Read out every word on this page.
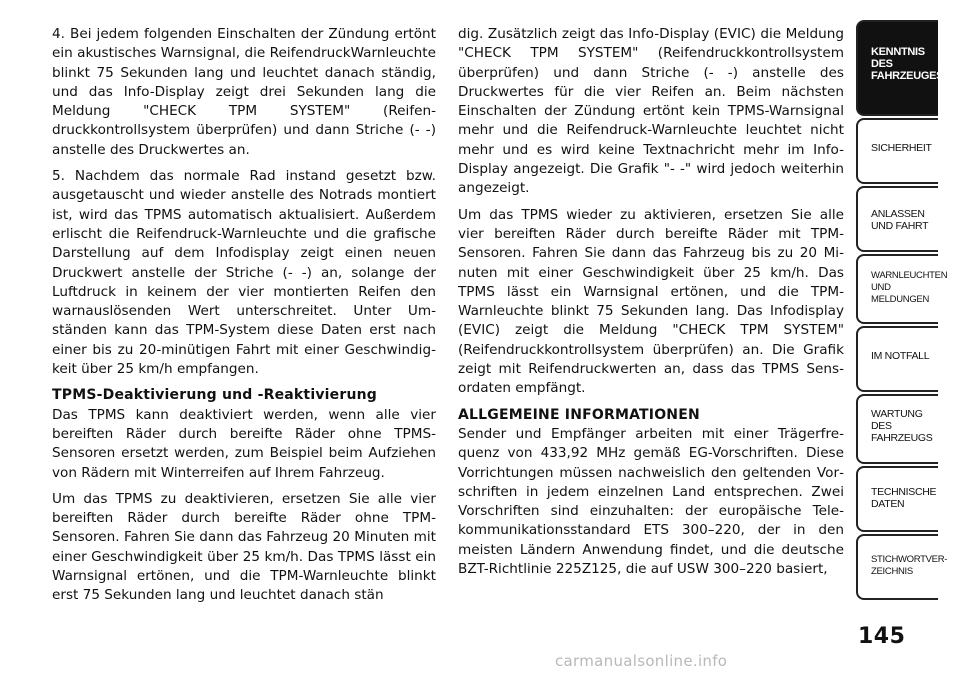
4. Bei jedem folgenden Einschalten der Zündung ertönt ein akustisches Warnsignal, die ReifendruckWarnleuchte blinkt 75 Sekunden lang und leuchtet danach ständig, und das Info-Display zeigt drei Sekunden lang die Meldung "CHECK TPM SYSTEM" (Reifendruckkontrollsystem überprüfen) und dann Striche (- -) anstelle des Druckwertes an.

5. Nachdem das normale Rad instand gesetzt bzw. ausgetauscht und wieder anstelle des Notrads montiert ist, wird das TPMS automatisch aktualisiert. Außerdem erlischt die Reifendruck-Warnleuchte und die grafische Darstellung auf dem Infodisplay zeigt einen neuen Druckwert anstelle der Striche (- -) an, solange der Luftdruck in keinem der vier montierten Reifen den warnauslösenden Wert unterschreitet. Unter Umständen kann das TPM-System diese Daten erst nach einer bis zu 20-minütigen Fahrt mit einer Geschwindigkeit über 25 km/h empfangen.

TPMS-Deaktivierung und -Reaktivierung

Das TPMS kann deaktiviert werden, wenn alle vier bereiften Räder durch bereifte Räder ohne TPMS-Sensoren ersetzt werden, zum Beispiel beim Aufziehen von Rädern mit Winterreifen auf Ihrem Fahrzeug.

Um das TPMS zu deaktivieren, ersetzen Sie alle vier bereiften Räder durch bereifte Räder ohne TPM-Sensoren. Fahren Sie dann das Fahrzeug 20 Minuten mit einer Geschwindigkeit über 25 km/h. Das TPMS lässt ein Warnsignal ertönen, und die TPM-Warnleuchte blinkt erst 75 Sekunden lang und leuchtet danach stän

dig. Zusätzlich zeigt das Info-Display (EVIC) die Meldung "CHECK TPM SYSTEM" (Reifendruckkontrollsystem überprüfen) und dann Striche (- -) anstelle des Druckwertes für die vier Reifen an. Beim nächsten Einschalten der Zündung ertönt kein TPMS-Warnsignal mehr und die Reifendruck-Warnleuchte leuchtet nicht mehr und es wird keine Textnachricht mehr im Info-Display angezeigt. Die Grafik "- -" wird jedoch weiterhin angezeigt.

Um das TPMS wieder zu aktivieren, ersetzen Sie alle vier bereiften Räder durch bereifte Räder mit TPM-Sensoren. Fahren Sie dann das Fahrzeug bis zu 20 Minuten mit einer Geschwindigkeit über 25 km/h. Das TPMS lässt ein Warnsignal ertönen, und die TPM-Warnleuchte blinkt 75 Sekunden lang. Das Infodisplay (EVIC) zeigt die Meldung "CHECK TPM SYSTEM" (Reifendruckkontrollsystem überprüfen) an. Die Grafik zeigt mit Reifendruckwerten an, dass das TPMS Sensordaten empfängt.

ALLGEMEINE INFORMATIONEN

Sender und Empfänger arbeiten mit einer Trägerfrequenz von 433,92 MHz gemäß EG-Vorschriften. Diese Vorrichtungen müssen nachweislich den geltenden Vorschriften in jedem einzelnen Land entsprechen. Zwei Vorschriften sind einzuhalten: der europäische Telekommunikationsstandard ETS 300–220, der in den meisten Ländern Anwendung findet, und die deutsche BZT-Richtlinie 225Z125, die auf USW 300–220 basiert,

KENNTNIS
DES
FAHRZEUGES
SICHERHEIT
ANLASSEN
UND FAHRT
WARNLEUCHTEN
UND
MELDUNGEN
IM NOTFALL
WARTUNG
DES
FAHRZEUGS
TECHNISCHE
DATEN
STICHWORTVER-
ZEICHNIS
145
carmanualsonline.info
